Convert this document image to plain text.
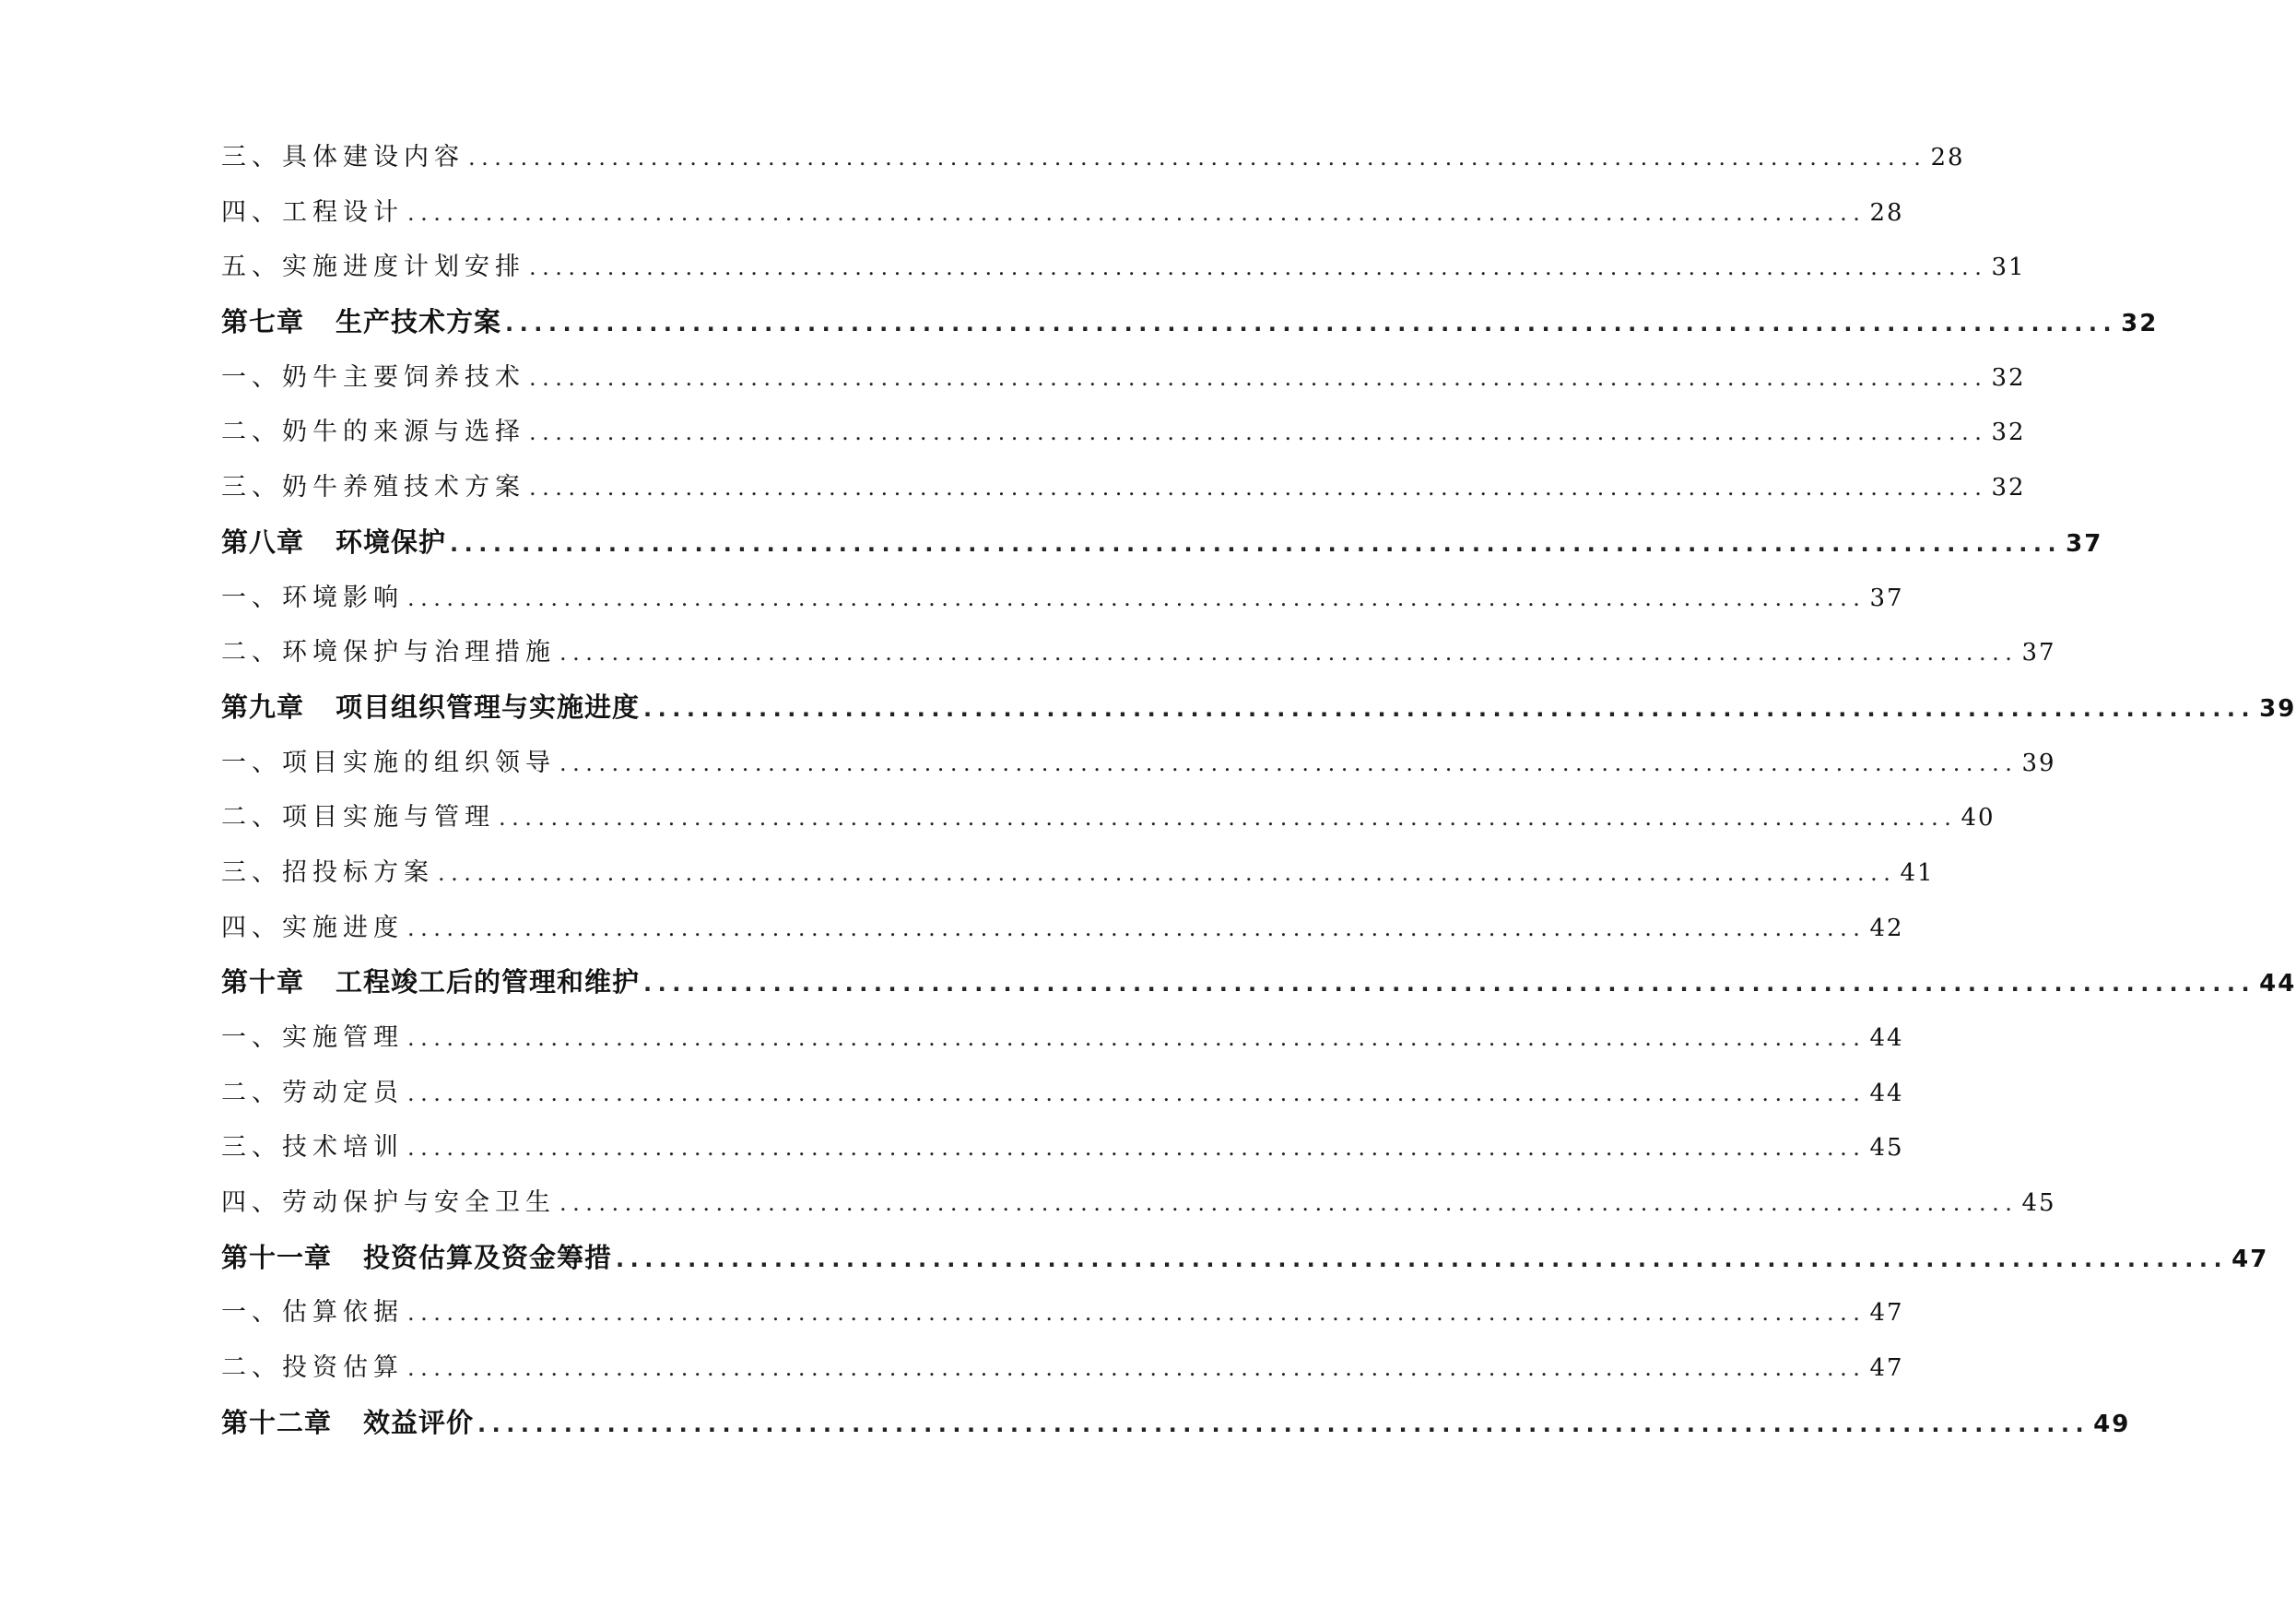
三、具体建设内容 ................................................................................................................ 28
四、工程设计 ................................................................................................................ 28
五、实施进度计划安排 ................................................................................................................ 31
第七章 生产技术方案 ................................................................................................................ 32
一、奶牛主要饲养技术 ................................................................................................................ 32
二、奶牛的来源与选择 ................................................................................................................ 32
三、奶牛养殖技术方案 ................................................................................................................ 32
第八章 环境保护 ................................................................................................................ 37
一、环境影响 ................................................................................................................ 37
二、环境保护与治理措施 ................................................................................................................ 37
第九章 项目组织管理与实施进度 ................................................................................................................ 39
一、项目实施的组织领导 ................................................................................................................ 39
二、项目实施与管理 ................................................................................................................ 40
三、招投标方案 ................................................................................................................ 41
四、实施进度 ................................................................................................................ 42
第十章 工程竣工后的管理和维护 ................................................................................................................ 44
一、实施管理 ................................................................................................................ 44
二、劳动定员 ................................................................................................................ 44
三、技术培训 ................................................................................................................ 45
四、劳动保护与安全卫生 ................................................................................................................ 45
第十一章 投资估算及资金筹措 ................................................................................................................ 47
一、估算依据 ................................................................................................................ 47
二、投资估算 ................................................................................................................ 47
第十二章 效益评价 ................................................................................................................ 49
